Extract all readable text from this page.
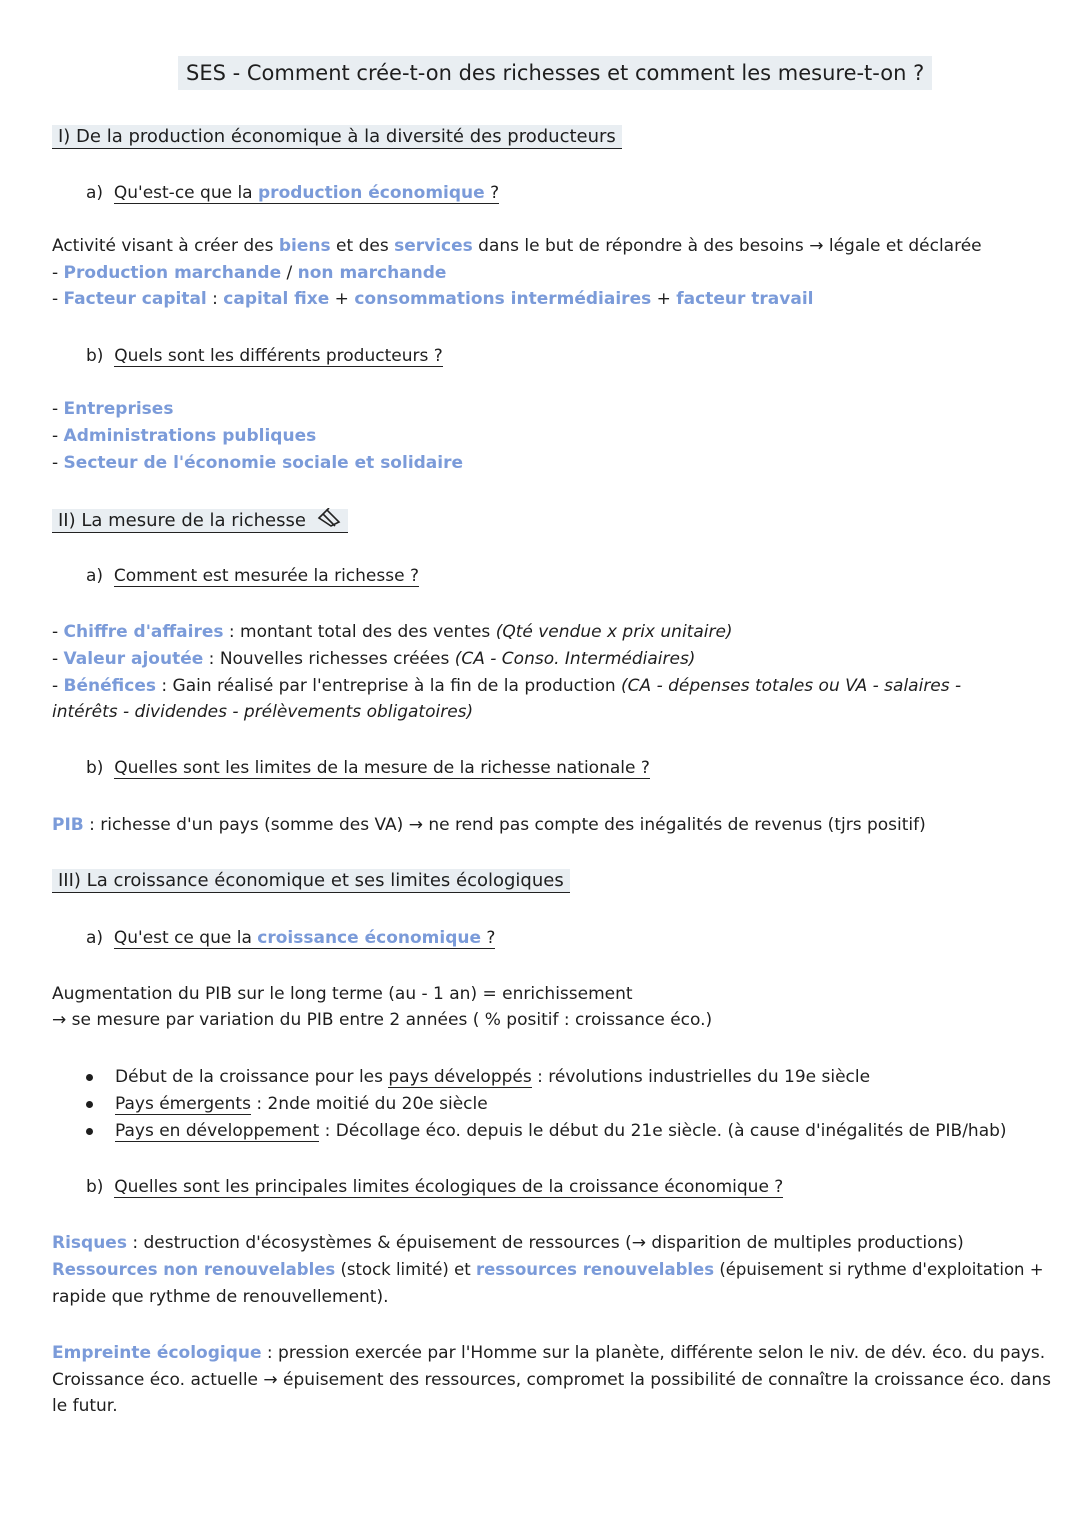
SES - Comment crée-t-on des richesses et comment les mesure-t-on ?
I) De la production économique à la diversité des producteurs
a) Qu'est-ce que la production économique ?
Activité visant à créer des biens et des services dans le but de répondre à des besoins → légale et déclarée
- Production marchande / non marchande
- Facteur capital : capital fixe + consommations intermédiaires + facteur travail
b) Quels sont les différents producteurs ?
- Entreprises
- Administrations publiques
- Secteur de l'économie sociale et solidaire
II) La mesure de la richesse
a) Comment est mesurée la richesse ?
- Chiffre d'affaires : montant total des des ventes (Qté vendue x prix unitaire)
- Valeur ajoutée : Nouvelles richesses créées (CA - Conso. Intermédiaires)
- Bénéfices : Gain réalisé par l'entreprise à la fin de la production (CA - dépenses totales ou VA - salaires -
intérêts - dividendes - prélèvements obligatoires)
b) Quelles sont les limites de la mesure de la richesse nationale ?
PIB : richesse d'un pays (somme des VA) → ne rend pas compte des inégalités de revenus (tjrs positif)
III) La croissance économique et ses limites écologiques
a) Qu'est ce que la croissance économique ?
Augmentation du PIB sur le long terme (au - 1 an) = enrichissement
→ se mesure par variation du PIB entre 2 années ( % positif : croissance éco.)
Début de la croissance pour les pays développés : révolutions industrielles du 19e siècle
Pays émergents : 2nde moitié du 20e siècle
Pays en développement : Décollage éco. depuis le début du 21e siècle. (à cause d'inégalités de PIB/hab)
b) Quelles sont les principales limites écologiques de la croissance économique ?
Risques : destruction d'écosystèmes & épuisement de ressources (→ disparition de multiples productions)
Ressources non renouvelables (stock limité) et ressources renouvelables (épuisement si rythme d'exploitation +
rapide que rythme de renouvellement).
Empreinte écologique : pression exercée par l'Homme sur la planète, différente selon le niv. de dév. éco. du pays.
Croissance éco. actuelle → épuisement des ressources, compromet la possibilité de connaître la croissance éco. dans
le futur.
